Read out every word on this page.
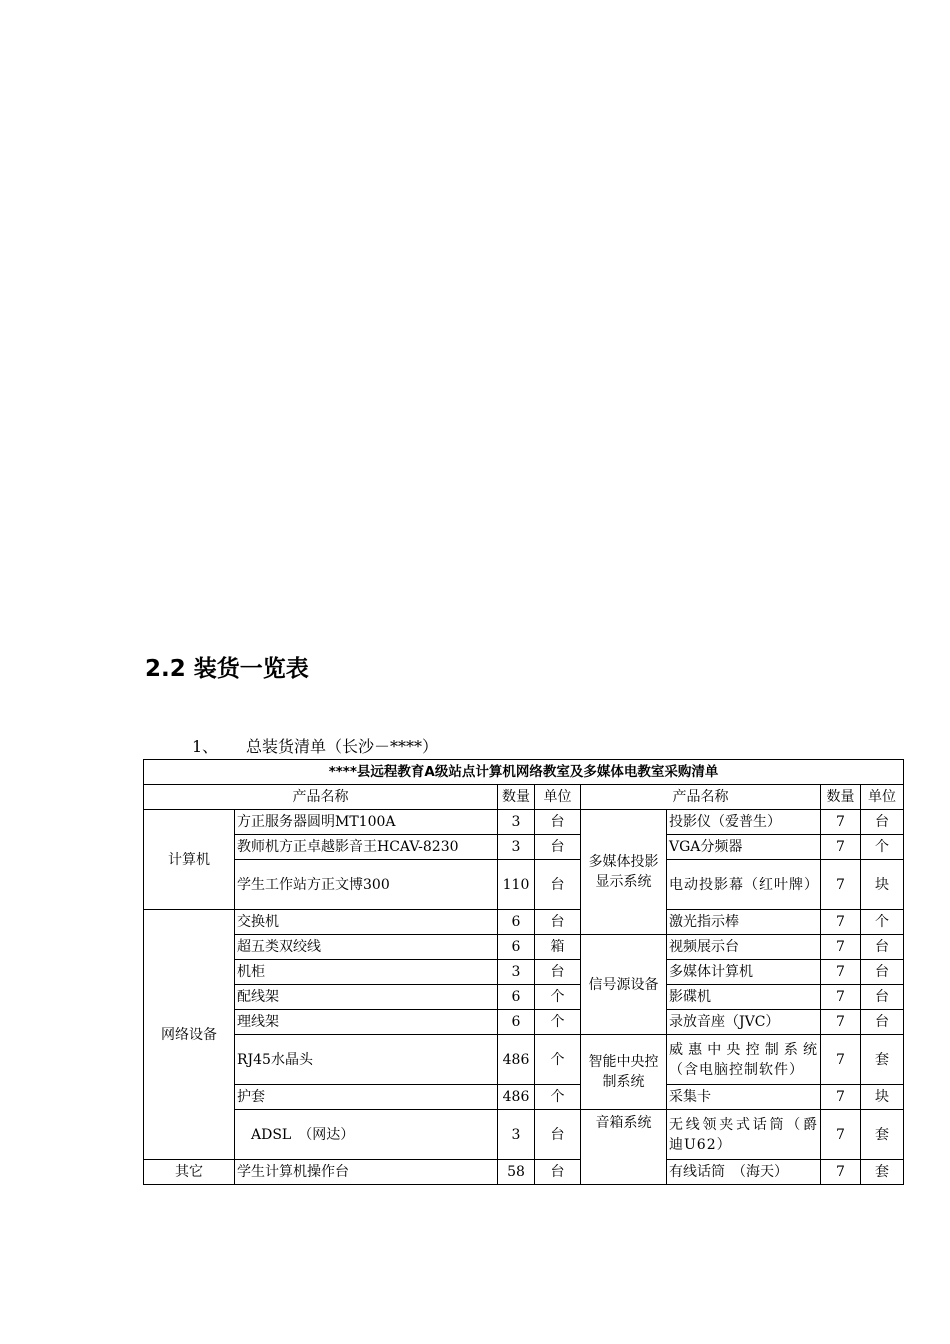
2.2 装货一览表
1、 总装货清单（长沙－****）
****县远程教育A级站点计算机网络教室及多媒体电教室采购清单							
产品名称		数量	单位	产品名称		数量	单位
计算机	方正服务器圆明MT100A	3	台	多媒体投影显示系统	投影仪（爱普生）	7	台
	教师机方正卓越影音王HCAV-8230	3	台		VGA分频器	7	个
	学生工作站方正文博300	110	台		电动投影幕（红叶牌）	7	块
网络设备	交换机	6	台		激光指示棒	7	个
	超五类双绞线	6	箱	信号源设备	视频展示台	7	台
	机柜	3	台		多媒体计算机	7	台
	配线架	6	个		影碟机	7	台
	理线架	6	个		录放音座（JVC）	7	台
	RJ45水晶头	486	个	智能中央控制系统	威惠中央控制系统（含电脑控制软件）	7	套
	护套	486	个		采集卡	7	块
	ADSL　（网达）	3	台	音箱系统	无线领夹式话筒（爵迪U62）	7	套
其它	学生计算机操作台	58	台		有线话筒　（海天）	7	套
